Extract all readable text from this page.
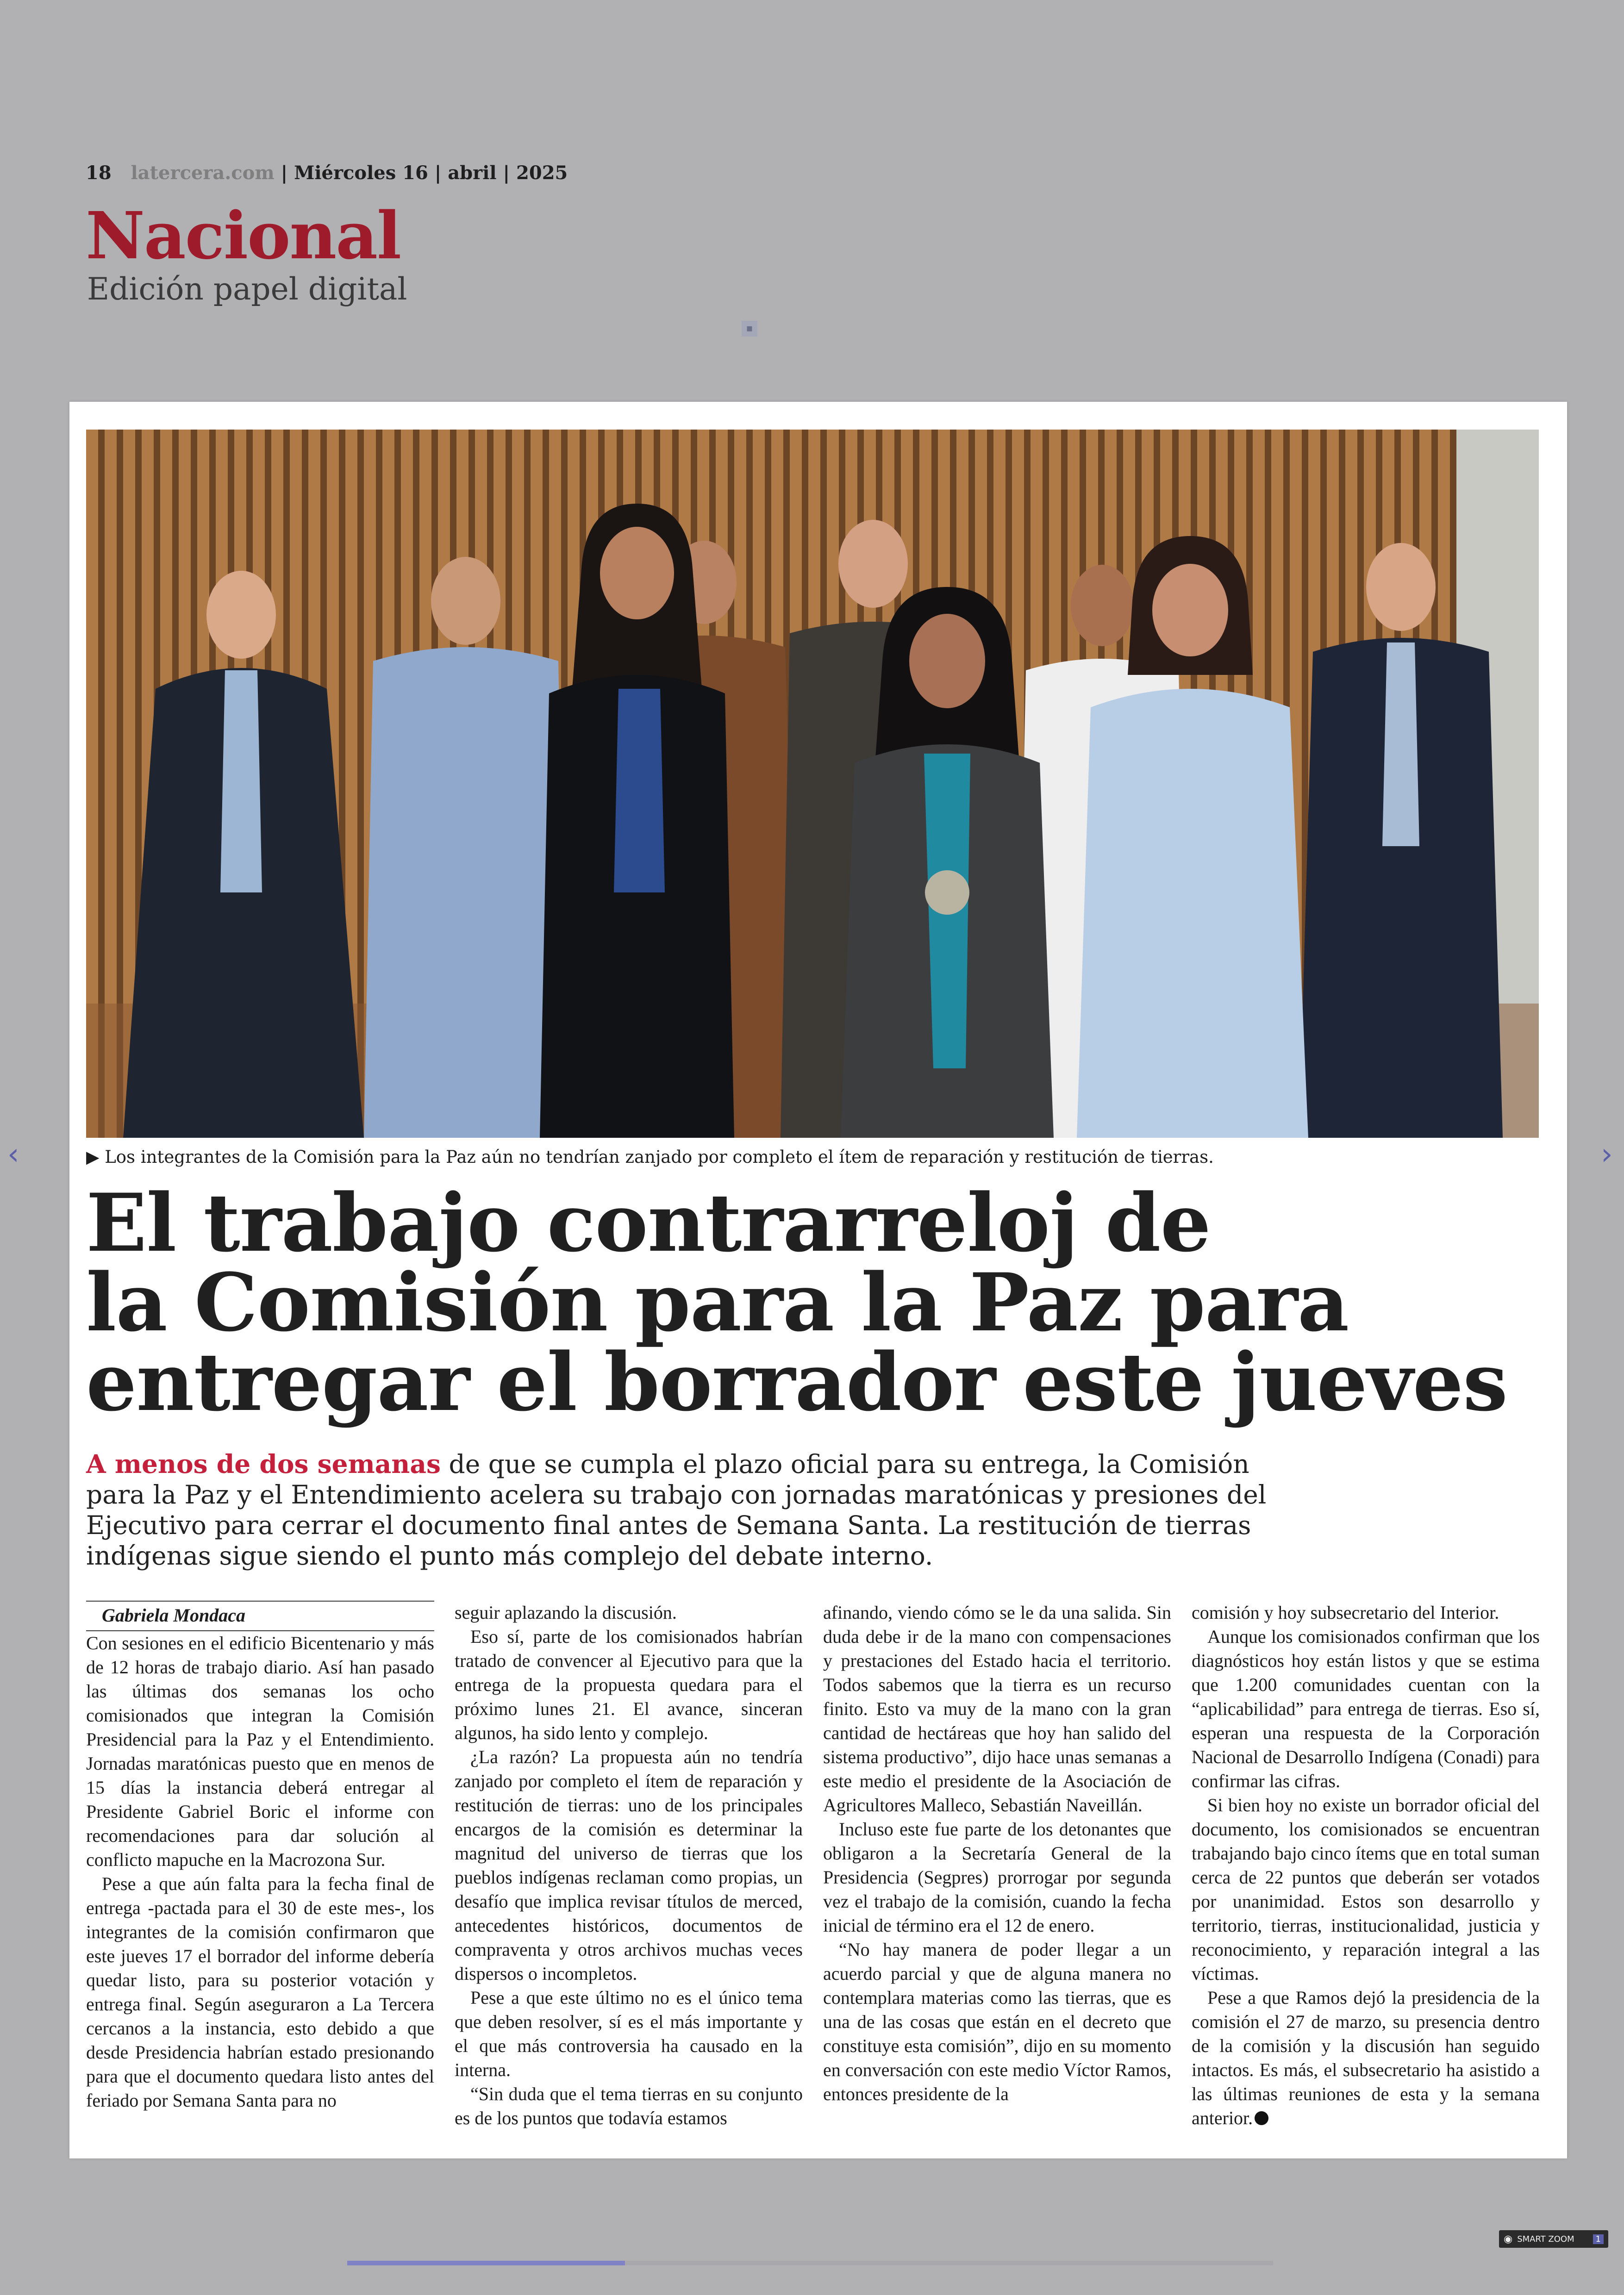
18 latercera.com | Miércoles 16 | abril | 2025
Nacional
Edición papel digital
▪
▶ Los integrantes de la Comisión para la Paz aún no tendrían zanjado por completo el ítem de reparación y restitución de tierras.
El trabajo contrarreloj de
la Comisión para la Paz para
entregar el borrador este jueves
A menos de dos semanas de que se cumpla el plazo oficial para su entrega, la Comisión para la Paz y el Entendimiento acelera su trabajo con jornadas maratónicas y presiones del Ejecutivo para cerrar el documento final antes de Semana Santa. La restitución de tierras indígenas sigue siendo el punto más complejo del debate interno.

Gabriela Mondaca

Con sesiones en el edificio Bicentenario y más de 12 horas de trabajo diario. Así han pasado las últimas dos semanas los ocho comisionados que integran la Comisión Presidencial para la Paz y el Entendimiento. Jornadas maratónicas puesto que en menos de 15 días la instancia deberá entregar al Presidente Gabriel Boric el informe con recomendaciones para dar solución al conflicto mapuche en la Macrozona Sur.

Pese a que aún falta para la fecha final de entrega -pactada para el 30 de este mes-, los integrantes de la comisión confirmaron que este jueves 17 el borrador del informe debería quedar listo, para su posterior votación y entrega final. Según aseguraron a La Tercera cercanos a la instancia, esto debido a que desde Presidencia habrían estado presionando para que el documento quedara listo antes del feriado por Semana Santa para no

seguir aplazando la discusión.

Eso sí, parte de los comisionados habrían tratado de convencer al Ejecutivo para que la entrega de la propuesta quedara para el próximo lunes 21. El avance, sinceran algunos, ha sido lento y complejo.

¿La razón? La propuesta aún no tendría zanjado por completo el ítem de reparación y restitución de tierras: uno de los principales encargos de la comisión es determinar la magnitud del universo de tierras que los pueblos indígenas reclaman como propias, un desafío que implica revisar títulos de merced, antecedentes históricos, documentos de compraventa y otros archivos muchas veces dispersos o incompletos.

Pese a que este último no es el único tema que deben resolver, sí es el más importante y el que más controversia ha causado en la interna.

“Sin duda que el tema tierras en su conjunto es de los puntos que todavía estamos

afinando, viendo cómo se le da una salida. Sin duda debe ir de la mano con compensaciones y prestaciones del Estado hacia el territorio. Todos sabemos que la tierra es un recurso finito. Esto va muy de la mano con la gran cantidad de hectáreas que hoy han salido del sistema productivo”, dijo hace unas semanas a este medio el presidente de la Asociación de Agricultores Malleco, Sebastián Naveillán.

Incluso este fue parte de los detonantes que obligaron a la Secretaría General de la Presidencia (Segpres) prorrogar por segunda vez el trabajo de la comisión, cuando la fecha inicial de término era el 12 de enero.

“No hay manera de poder llegar a un acuerdo parcial y que de alguna manera no contemplara materias como las tierras, que es una de las cosas que están en el decreto que constituye esta comisión”, dijo en su momento en conversación con este medio Víctor Ramos, entonces presidente de la

comisión y hoy subsecretario del Interior.

Aunque los comisionados confirman que los diagnósticos hoy están listos y que se estima que 1.200 comunidades cuentan con la “aplicabilidad” para entrega de tierras. Eso sí, esperan una respuesta de la Corporación Nacional de Desarrollo Indígena (Conadi) para confirmar las cifras.

Si bien hoy no existe un borrador oficial del documento, los comisionados se encuentran trabajando bajo cinco ítems que en total suman cerca de 22 puntos que deberán ser votados por unanimidad. Estos son desarrollo y territorio, tierras, institucionalidad, justicia y reconocimiento, y reparación integral a las víctimas.

Pese a que Ramos dejó la presidencia de la comisión el 27 de marzo, su presencia dentro de la comisión y la discusión han seguido intactos. Es más, el subsecretario ha asistido a las últimas reuniones de esta y la semana anterior.

‹	›
◉ SMART ZOOM	1
